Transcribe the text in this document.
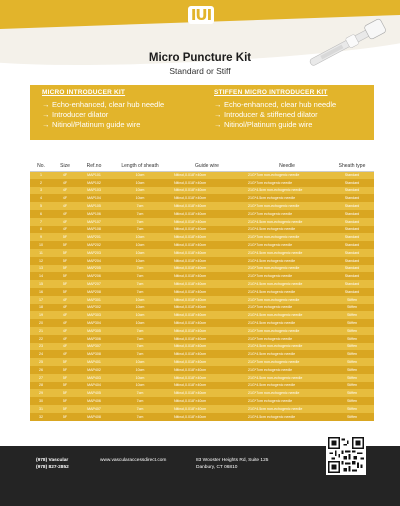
IUI
Micro Puncture Kit
Standard or Stiff
MICRO INTRODUCER KIT
→ Echo-enhanced, clear hub needle
→ Introducer dilator
→ Nitinol/Platinum guide wire
STIFFEN MICRO INTRODUCER KIT
→ Echo-enhanced, clear hub needle
→ Introducer & stiffened dilator
→ Nitinol/Platinum guide wire
No.	Size	Ref.no	Length of sheath	Guide wire	Needle	Sheath type
1	4F	MAP101	10cm	Nitinol,0.018"×40cm	21G*7cm non-echogenic needle	Standard
2	4F	MAP102	10cm	Nitinol,0.018"×40cm	21G*7cm echogenic needle	Standard
3	4F	MAP103	10cm	Nitinol,0.018"×40cm	21G*4.5cm non-echogenic needle	Standard
4	4F	MAP104	10cm	Nitinol,0.018"×40cm	21G*4.5cm echogenic needle	Standard
5	4F	MAP105	7cm	Nitinol,0.018"×40cm	21G*7cm non-echogenic needle	Standard
6	4F	MAP106	7cm	Nitinol,0.018"×40cm	21G*7cm echogenic needle	Standard
7	4F	MAP107	7cm	Nitinol,0.018"×40cm	21G*4.5cm non-echogenic needle	Standard
8	4F	MAP108	7cm	Nitinol,0.018"×40cm	21G*4.5cm echogenic needle	Standard
9	5F	MAP201	10cm	Nitinol,0.018"×40cm	21G*7cm non-echogenic needle	Standard
10	5F	MAP202	10cm	Nitinol,0.018"×40cm	21G*7cm echogenic needle	Standard
11	5F	MAP203	10cm	Nitinol,0.018"×40cm	21G*4.5cm non-echogenic needle	Standard
12	5F	MAP204	10cm	Nitinol,0.018"×40cm	21G*4.5cm echogenic needle	Standard
13	5F	MAP205	7cm	Nitinol,0.018"×40cm	21G*7cm non-echogenic needle	Standard
14	5F	MAP206	7cm	Nitinol,0.018"×40cm	21G*7cm echogenic needle	Standard
15	5F	MAP207	7cm	Nitinol,0.018"×40cm	21G*4.5cm non-echogenic needle	Standard
16	5F	MAP208	7cm	Nitinol,0.018"×40cm	21G*4.5cm echogenic needle	Standard
17	4F	MAP301	10cm	Nitinol,0.018"×40cm	21G*7cm non-echogenic needle	Stiffen
18	4F	MAP302	10cm	Nitinol,0.018"×40cm	21G*7cm echogenic needle	Stiffen
19	4F	MAP303	10cm	Nitinol,0.018"×40cm	21G*4.5cm non-echogenic needle	Stiffen
20	4F	MAP304	10cm	Nitinol,0.018"×40cm	21G*4.5cm echogenic needle	Stiffen
21	4F	MAP305	7cm	Nitinol,0.018"×40cm	21G*7cm non-echogenic needle	Stiffen
22	4F	MAP306	7cm	Nitinol,0.018"×40cm	21G*7cm echogenic needle	Stiffen
23	4F	MAP307	7cm	Nitinol,0.018"×40cm	21G*4.5cm non-echogenic needle	Stiffen
24	4F	MAP308	7cm	Nitinol,0.018"×40cm	21G*4.5cm echogenic needle	Stiffen
25	5F	MAP401	10cm	Nitinol,0.018"×40cm	21G*7cm non-echogenic needle	Stiffen
26	5F	MAP402	10cm	Nitinol,0.018"×40cm	21G*7cm echogenic needle	Stiffen
27	5F	MAP403	10cm	Nitinol,0.018"×40cm	21G*4.5cm non-echogenic needle	Stiffen
28	5F	MAP404	10cm	Nitinol,0.018"×40cm	21G*4.5cm echogenic needle	Stiffen
29	5F	MAP405	7cm	Nitinol,0.018"×40cm	21G*7cm non-echogenic needle	Stiffen
30	5F	MAP406	7cm	Nitinol,0.018"×40cm	21G*7cm echogenic needle	Stiffen
31	5F	MAP407	7cm	Nitinol,0.018"×40cm	21G*4.5cm non-echogenic needle	Stiffen
32	5F	MAP408	7cm	Nitinol,0.018"×40cm	21G*4.5cm echogenic needle	Stiffen
(978) Vascular
(978) 827-2852
www.vascularaccessdirect.com	83 Wooster Heights Rd, Suite 125
Danbury, CT 06810
